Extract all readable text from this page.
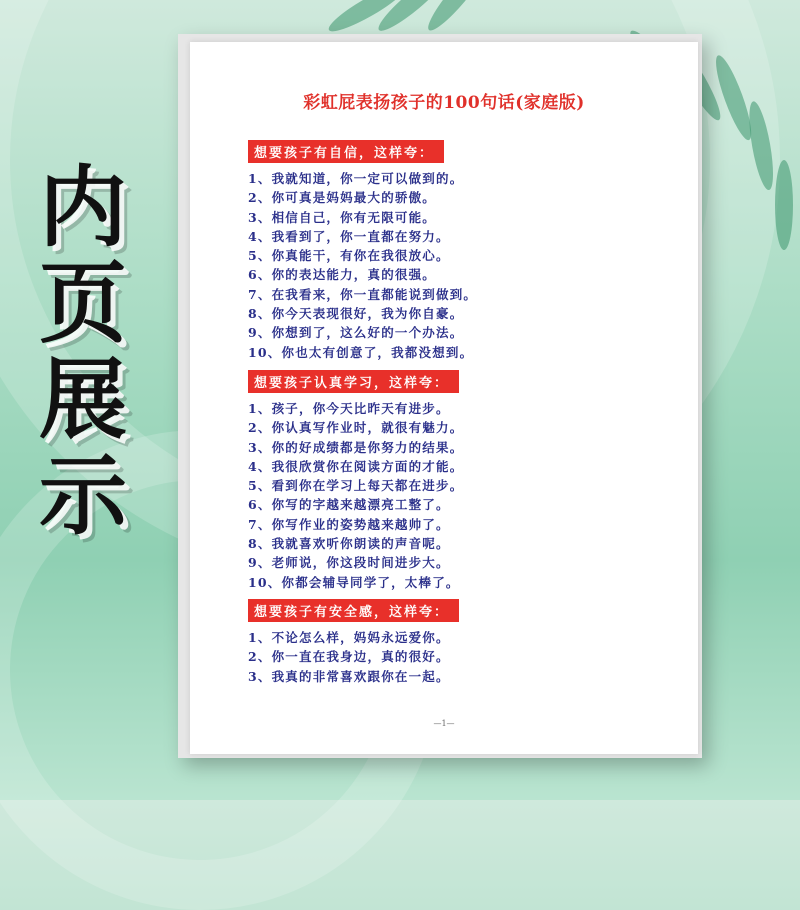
内
页
展
示
彩虹屁表扬孩子的100句话(家庭版)
想要孩子有自信，这样夸：
1、我就知道，你一定可以做到的。
2、你可真是妈妈最大的骄傲。
3、相信自己，你有无限可能。
4、我看到了，你一直都在努力。
5、你真能干，有你在我很放心。
6、你的表达能力，真的很强。
7、在我看来，你一直都能说到做到。
8、你今天表现很好，我为你自豪。
9、你想到了，这么好的一个办法。
10、你也太有创意了，我都没想到。
想要孩子认真学习，这样夸：
1、孩子，你今天比昨天有进步。
2、你认真写作业时，就很有魅力。
3、你的好成绩都是你努力的结果。
4、我很欣赏你在阅读方面的才能。
5、看到你在学习上每天都在进步。
6、你写的字越来越漂亮工整了。
7、你写作业的姿势越来越帅了。
8、我就喜欢听你朗读的声音呢。
9、老师说，你这段时间进步大。
10、你都会辅导同学了，太棒了。
想要孩子有安全感，这样夸：
1、不论怎么样，妈妈永远爱你。
2、你一直在我身边，真的很好。
3、我真的非常喜欢跟你在一起。
—1—
